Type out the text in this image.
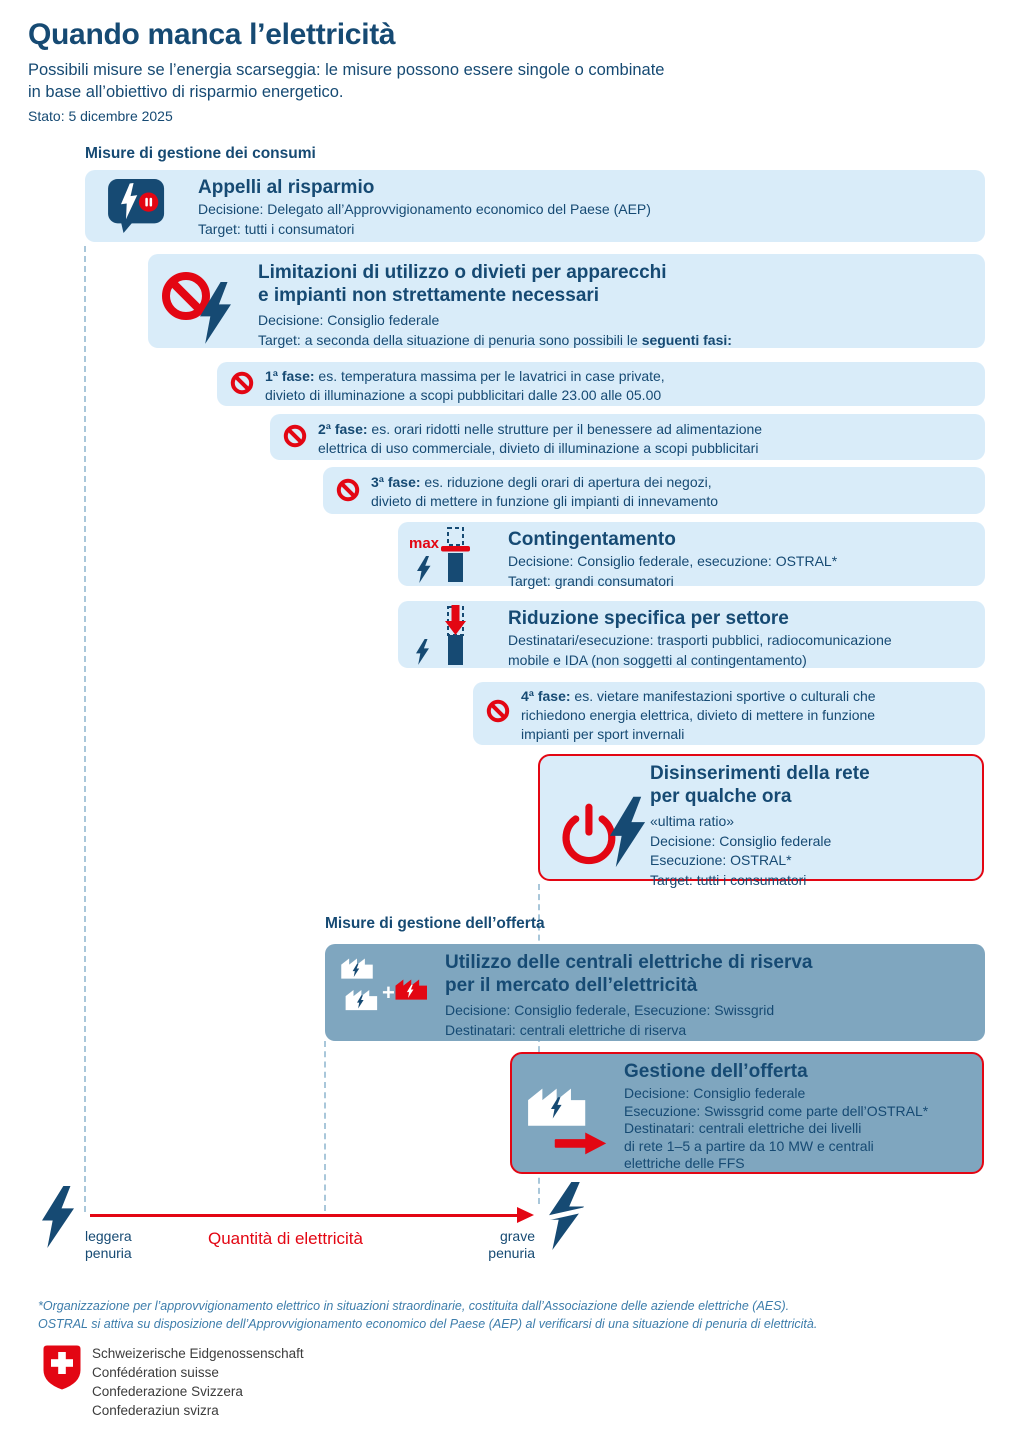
Quando manca l’elettricità
Possibili misure se l’energia scarseggia: le misure possono essere singole o combinate
in base all’obiettivo di risparmio energetico.
Stato: 5 dicembre 2025
Misure di gestione dei consumi
Appelli al risparmio
Decisione: Delegato all’Approvvigionamento economico del Paese (AEP)
Target: tutti i consumatori
Limitazioni di utilizzo o divieti per apparecchi
e impianti non strettamente necessari
Decisione: Consiglio federale
Target: a seconda della situazione di penuria sono possibili le seguenti fasi:
1ª fase: es. temperatura massima per le lavatrici in case private,
divieto di illuminazione a scopi pubblicitari dalle 23.00 alle 05.00
2ª fase: es. orari ridotti nelle strutture per il benessere ad alimentazione
elettrica di uso commerciale, divieto di illuminazione a scopi pubblicitari
3ª fase: es. riduzione degli orari di apertura dei negozi,
divieto di mettere in funzione gli impianti di innevamento
max	Contingentamento
Decisione: Consiglio federale, esecuzione: OSTRAL*
Target: grandi consumatori
Riduzione specifica per settore
Destinatari/esecuzione: trasporti pubblici, radiocomunicazione
mobile e IDA (non soggetti al contingentamento)
4ª fase: es. vietare manifestazioni sportive o culturali che
richiedono energia elettrica, divieto di mettere in funzione
impianti per sport invernali
Disinserimenti della rete
per qualche ora
«ultima ratio»
Decisione: Consiglio federale
Esecuzione: OSTRAL*
Target: tutti i consumatori
Misure di gestione dell’offerta
+
Utilizzo delle centrali elettriche di riserva
per il mercato dell’elettricità
Decisione: Consiglio federale, Esecuzione: Swissgrid
Destinatari: centrali elettriche di riserva
Gestione dell’offerta
Decisione: Consiglio federale
Esecuzione: Swissgrid come parte dell’OSTRAL*
Destinatari: centrali elettriche dei livelli
di rete 1–5 a partire da 10 MW e centrali
elettriche delle FFS
leggera
penuria
Quantità di elettricità	grave
penuria
*Organizzazione per l’approvvigionamento elettrico in situazioni straordinarie, costituita dall’Associazione delle aziende elettriche (AES).
OSTRAL si attiva su disposizione dell’Approvvigionamento economico del Paese (AEP) al verificarsi di una situazione di penuria di elettricità.
Schweizerische Eidgenossenschaft
Confédération suisse
Confederazione Svizzera
Confederaziun svizra
